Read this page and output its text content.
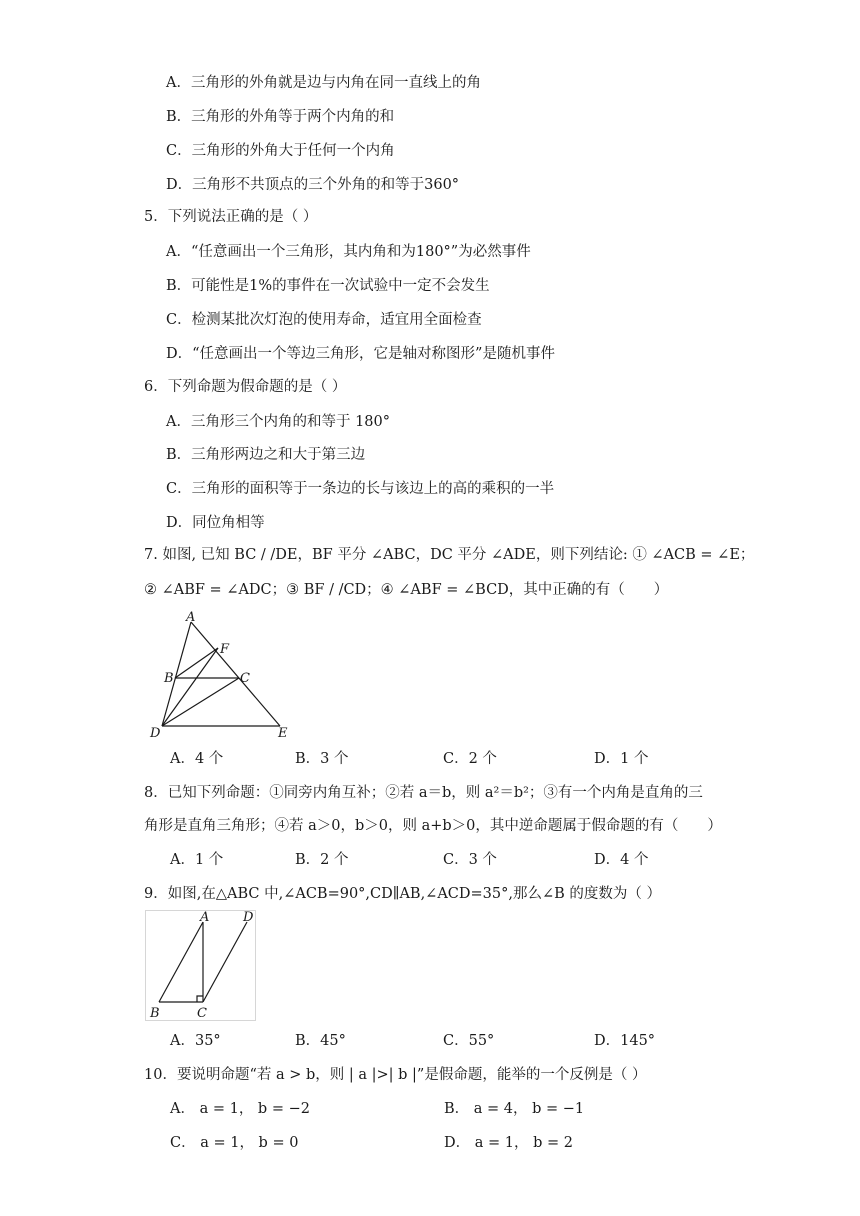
A．三角形的外角就是边与内角在同一直线上的角
B．三角形的外角等于两个内角的和
C．三角形的外角大于任何一个内角
D．三角形不共顶点的三个外角的和等于360°
5．下列说法正确的是（ ）
A．“任意画出一个三角形，其内角和为180°”为必然事件
B．可能性是1%的事件在一次试验中一定不会发生
C．检测某批次灯泡的使用寿命，适宜用全面检查
D．“任意画出一个等边三角形，它是轴对称图形”是随机事件
6．下列命题为假命题的是（ ）
A．三角形三个内角的和等于 180°
B．三角形两边之和大于第三边
C．三角形的面积等于一条边的长与该边上的高的乘积的一半
D．同位角相等
7. 如图, 已知 BC / /DE，BF 平分 ∠ABC，DC 平分 ∠ADE，则下列结论: ① ∠ACB = ∠E；
② ∠ABF = ∠ADC；③ BF / /CD；④ ∠ABF = ∠BCD，其中正确的有（　　）
A
B	C
D	E
F
A．4 个	B．3 个	C．2 个	D．1 个
8．已知下列命题：①同旁内角互补；②若 a＝b，则 a²＝b²；③有一个内角是直角的三
角形是直角三角形；④若 a＞0，b＞0，则 a+b＞0，其中逆命题属于假命题的有（　　）
A．1 个	B．2 个	C．3 个	D．4 个
9．如图,在△ABC 中,∠ACB=90°,CD∥AB,∠ACD=35°,那么∠B 的度数为（ ）
A
B	C
D
A．35°	B．45°	C．55°	D．145°
10．要说明命题“若 a > b，则 | a |>| b |”是假命题，能举的一个反例是（ ）
A． a = 1， b = −2	B． a = 4， b = −1
C． a = 1， b = 0	D． a = 1， b = 2
